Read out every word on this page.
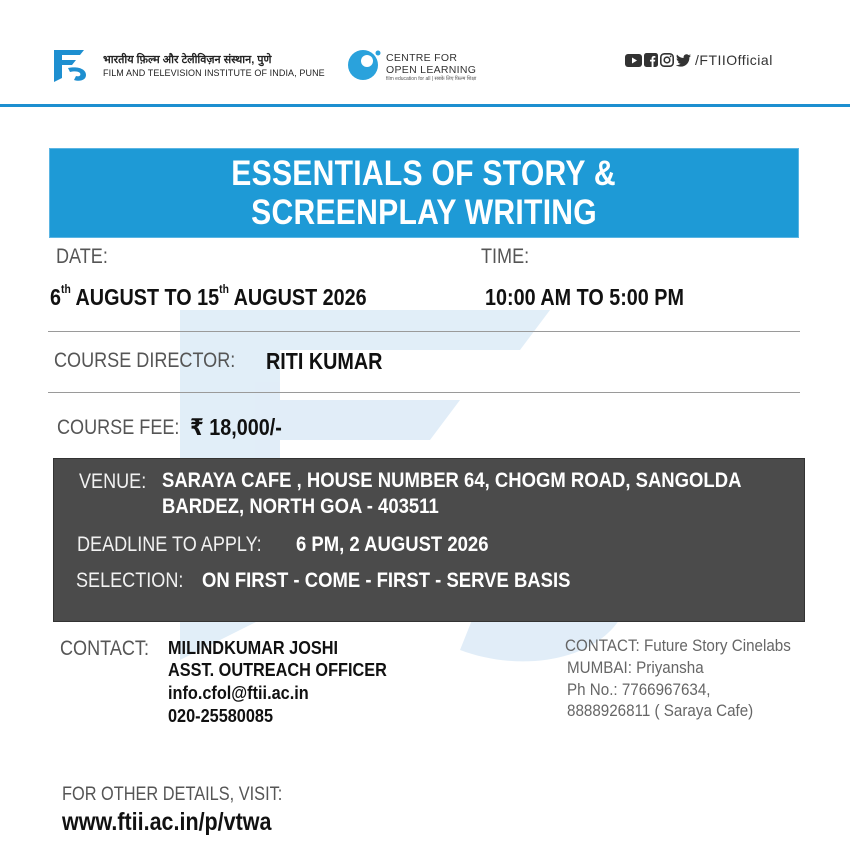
भारतीय फ़िल्म और टेलीविज़न संस्थान, पुणे
FILM AND TELEVISION INSTITUTE OF INDIA, PUNE
CENTRE FOR
OPEN LEARNING
film education for all | सबके लिए फ़िल्म शिक्षा
/FTIIOfficial
ESSENTIALS OF STORY &
SCREENPLAY WRITING
DATE:
6th AUGUST TO 15th AUGUST 2026
TIME:
10:00 AM TO 5:00 PM
COURSE DIRECTOR: RITI KUMAR
COURSE FEE: ₹ 18,000/-
VENUE: SARAYA CAFE , HOUSE NUMBER 64, CHOGM ROAD, SANGOLDA
BARDEZ, NORTH GOA - 403511
DEADLINE TO APPLY: 6 PM, 2 AUGUST 2026
SELECTION: ON FIRST - COME - FIRST - SERVE BASIS
CONTACT: MILINDKUMAR JOSHI
ASST. OUTREACH OFFICER
info.cfol@ftii.ac.in
020-25580085
CONTACT: Future Story Cinelabs
MUMBAI: Priyansha
Ph No.: 7766967634,
8888926811 ( Saraya Cafe)
FOR OTHER DETAILS, VISIT:
www.ftii.ac.in/p/vtwa
